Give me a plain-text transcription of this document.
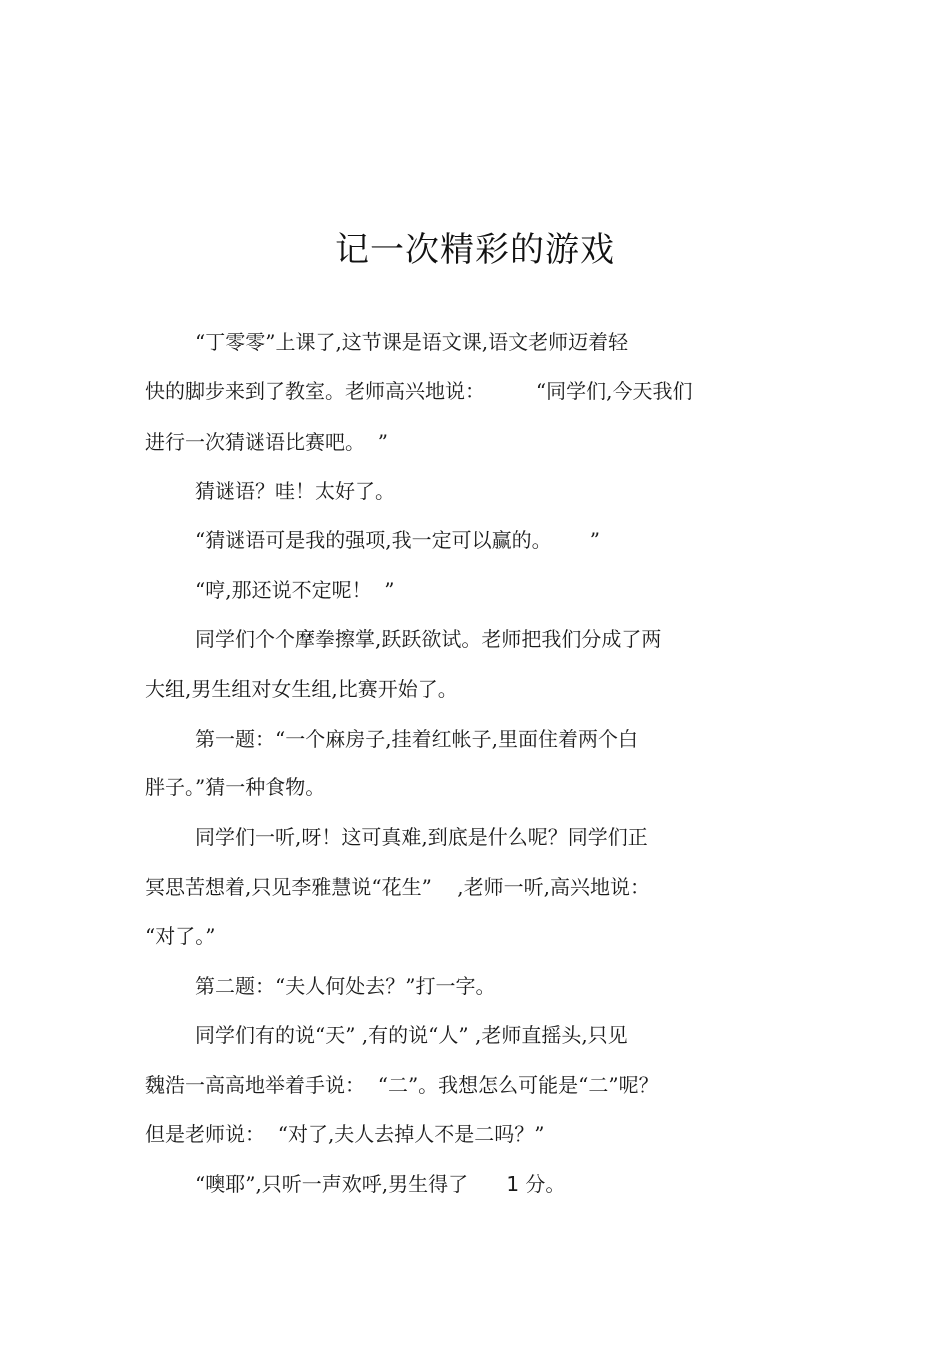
记一次精彩的游戏
“丁零零”上课了,这节课是语文课,语文老师迈着轻
快的脚步来到了教室。老师高兴地说：        “同学们,今天我们
进行一次猜谜语比赛吧。  ”
猜谜语？哇！太好了。
“猜谜语可是我的强项,我一定可以赢的。      ”
“哼,那还说不定呢！  ”
同学们个个摩拳擦掌,跃跃欲试。老师把我们分成了两
大组,男生组对女生组,比赛开始了。
第一题：“一个麻房子,挂着红帐子,里面住着两个白
胖子。”猜一种食物。
同学们一听,呀！这可真难,到底是什么呢？同学们正
冥思苦想着,只见李雅慧说“花生”    ,老师一听,高兴地说：
“对了。”
第二题：“夫人何处去？”打一字。
同学们有的说“天” ,有的说“人” ,老师直摇头,只见
魏浩一高高地举着手说：  “二”。我想怎么可能是“二”呢？
但是老师说：  “对了,夫人去掉人不是二吗？”
“噢耶”,只听一声欢呼,男生得了      1 分。
